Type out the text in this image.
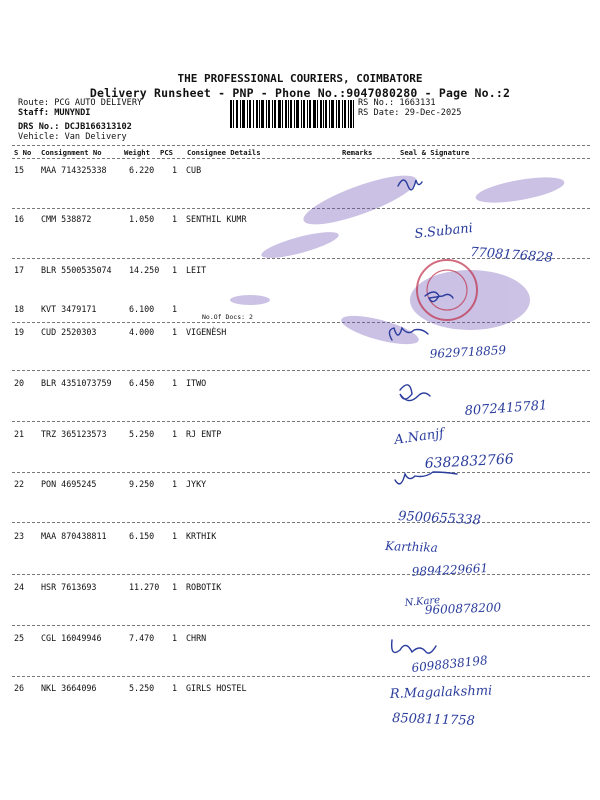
THE PROFESSIONAL COURIERS, COIMBATORE
Delivery Runsheet - PNP - Phone No.:9047080280 - Page No.:2
Route: PCG AUTO DELIVERY
Staff: MUNYNDI
DRS No.: DCJB166313102
Vehicle: Van Delivery
RS No.: 1663131
RS Date: 29-Dec-2025
S No Consignment No	Weight PCS Consignee Details	Remarks	Seal & Signature
15 MAA 714325338	6.220 1 CUB
16 CMM 538872	1.050 1 SENTHIL KUMR
17 BLR 5500535074 14.250 1 LEIT
18 KVT 3479171	6.100 1
No.Of Docs: 2
19 CUD 2520303	4.000 1 VIGENÈSH
20 BLR 4351073759 6.450 1 ITWO
21 TRZ 365123573	5.250 1 RJ ENTP
22 PON 4695245	9.250 1 JYKY
23 MAA 870438811	6.150 1 KRTHIK
24 HSR 7613693	11.270 1 ROBOTIK
25 CGL 16049946	7.470 1 CHRN
26 NKL 3664096	5.250 1 GIRLS HOSTEL
S.Subani
7708176828
9629718859
8072415781
A.Nanjf
6382832766
9500655338
Karthika
9894229661
N.Kare
9600878200
6098838198
R.Magalakshmi
8508111758
